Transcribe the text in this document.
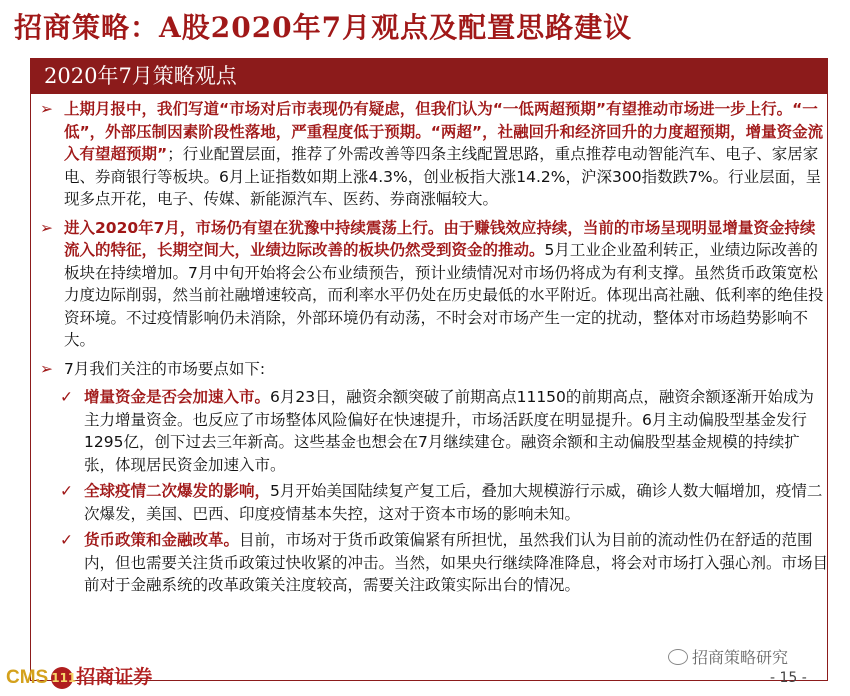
招商策略：A股2020年7月观点及配置思路建议
2020年7月策略观点
➢ 上期月报中，我们写道“市场对后市表现仍有疑虑，但我们认为“一低两超预期”有望推动市场进一步上行。“一低”，外部压制因素阶段性落地，严重程度低于预期。“两超”，社融回升和经济回升的力度超预期，增量资金流入有望超预期”；行业配置层面，推荐了外需改善等四条主线配置思路，重点推荐电动智能汽车、电子、家居家电、券商银行等板块。6月上证指数如期上涨4.3%，创业板指大涨14.2%，沪深300指数跌7%。行业层面，呈现多点开花，电子、传媒、新能源汽车、医药、券商涨幅较大。
➢ 进入2020年7月，市场仍有望在犹豫中持续震荡上行。由于赚钱效应持续，当前的市场呈现明显增量资金持续流入的特征，长期空间大，业绩边际改善的板块仍然受到资金的推动。5月工业企业盈利转正，业绩边际改善的板块在持续增加。7月中旬开始将会公布业绩预告，预计业绩情况对市场仍将成为有利支撑。虽然货币政策宽松力度边际削弱，然当前社融增速较高，而利率水平仍处在历史最低的水平附近。体现出高社融、低利率的绝佳投资环境。不过疫情影响仍未消除，外部环境仍有动荡，不时会对市场产生一定的扰动，整体对市场趋势影响不大。
➢ 7月我们关注的市场要点如下:
✓ 增量资金是否会加速入市。6月23日，融资余额突破了前期高点11150的前期高点，融资余额逐渐开始成为主力增量资金。也反应了市场整体风险偏好在快速提升，市场活跃度在明显提升。6月主动偏股型基金发行1295亿，创下过去三年新高。这些基金也想会在7月继续建仓。融资余额和主动偏股型基金规模的持续扩张，体现居民资金加速入市。
✓ 全球疫情二次爆发的影响，5月开始美国陆续复产复工后，叠加大规模游行示威，确诊人数大幅增加，疫情二次爆发，美国、巴西、印度疫情基本失控，这对于资本市场的影响未知。
✓ 货币政策和金融改革。目前，市场对于货币政策偏紧有所担忧，虽然我们认为目前的流动性仍在舒适的范围内，但也需要关注货币政策过快收紧的冲击。当然，如果央行继续降准降息，将会对市场打入强心剂。市场目前对于金融系统的改革政策关注度较高，需要关注政策实际出台的情况。
招商策略研究
CMS 111招商证券	- 15 -
